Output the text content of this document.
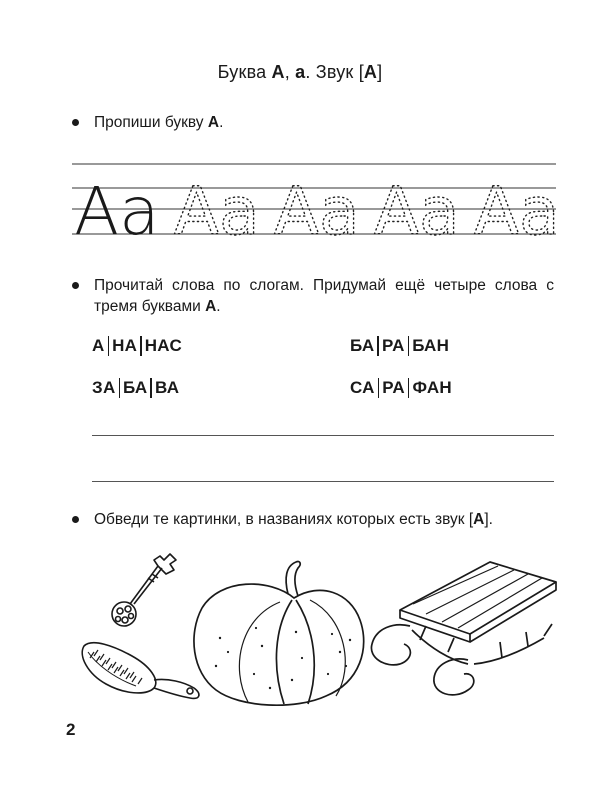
Буква А, а. Звук [А]
Пропиши букву А.
Аа Аа Аа Аа Аа
Прочитай слова по слогам. Придумай ещё четыре слова с тремя буквами А.
А НА НАС	БА РА БАН
ЗА БА ВА	СА РА ФАН
Обведи те картинки, в названиях которых есть звук [А].
2
